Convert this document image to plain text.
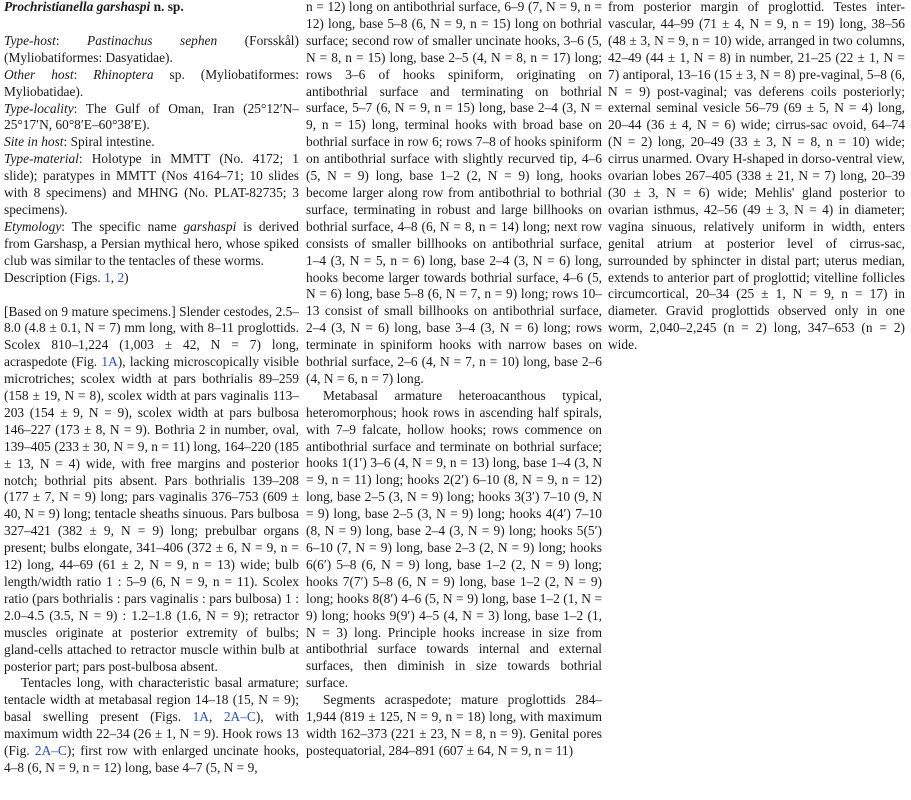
Prochristianella garshaspi n. sp.

Type-host: Pastinachus sephen (Forsskål) (Myliobatiformes: Dasyatidae).

Other host: Rhinoptera sp. (Myliobatiformes: Myliobatidae).

Type-locality: The Gulf of Oman, Iran (25°12′N–25°17′N, 60°8′E–60°38′E).

Site in host: Spiral intestine.

Type-material: Holotype in MMTT (No. 4172; 1 slide); paratypes in MMTT (Nos 4164–71; 10 slides with 8 specimens) and MHNG (No. PLAT-82735; 3 specimens).

Etymology: The specific name garshaspi is derived from Garshasp, a Persian mythical hero, whose spiked club was similar to the tentacles of these worms.

Description (Figs. 1, 2)

[Based on 9 mature specimens.] Slender cestodes, 2.5–8.0 (4.8 ± 0.1, N = 7) mm long, with 8–11 proglottids. Scolex 810–1,224 (1,003 ± 42, N = 7) long, acraspedote (Fig. 1A), lacking microscopically visible microtriches; scolex width at pars bothrialis 89–259 (158 ± 19, N = 8), scolex width at pars vaginalis 113–203 (154 ± 9, N = 9), scolex width at pars bulbosa 146–227 (173 ± 8, N = 9). Bothria 2 in number, oval, 139–405 (233 ± 30, N = 9, n = 11) long, 164–220 (185 ± 13, N = 4) wide, with free margins and posterior notch; bothrial pits absent. Pars bothrialis 139–208 (177 ± 7, N = 9) long; pars vaginalis 376–753 (609 ± 40, N = 9) long; tentacle sheaths sinuous. Pars bulbosa 327–421 (382 ± 9, N = 9) long; prebulbar organs present; bulbs elongate, 341–406 (372 ± 6, N = 9, n = 12) long, 44–69 (61 ± 2, N = 9, n = 13) wide; bulb length/width ratio 1 : 5–9 (6, N = 9, n = 11). Scolex ratio (pars bothrialis : pars vaginalis : pars bulbosa) 1 : 2.0–4.5 (3.5, N = 9) : 1.2–1.8 (1.6, N = 9); retractor muscles originate at posterior extremity of bulbs; gland-cells attached to retractor muscle within bulb at posterior part; pars post-bulbosa absent.

Tentacles long, with characteristic basal armature; tentacle width at metabasal region 14–18 (15, N = 9); basal swelling present (Figs. 1A, 2A–C), with maximum width 22–34 (26 ± 1, N = 9). Hook rows 13 (Fig. 2A–C); first row with enlarged uncinate hooks, 4–8 (6, N = 9, n = 12) long, base 4–7 (5, N = 9,

n = 12) long on antibothrial surface, 6–9 (7, N = 9, n = 12) long, base 5–8 (6, N = 9, n = 15) long on bothrial surface; second row of smaller uncinate hooks, 3–6 (5, N = 8, n = 15) long, base 2–5 (4, N = 8, n = 17) long; rows 3–6 of hooks spiniform, originating on antibothrial surface and terminating on bothrial surface, 5–7 (6, N = 9, n = 15) long, base 2–4 (3, N = 9, n = 15) long, terminal hooks with broad base on bothrial surface in row 6; rows 7–8 of hooks spiniform on antibothrial surface with slightly recurved tip, 4–6 (5, N = 9) long, base 1–2 (2, N = 9) long, hooks become larger along row from antibothrial to bothrial surface, terminating in robust and large billhooks on bothrial surface, 4–8 (6, N = 8, n = 14) long; next row consists of smaller billhooks on antibothrial surface, 1–4 (3, N = 5, n = 6) long, base 2–4 (3, N = 6) long, hooks become larger towards bothrial surface, 4–6 (5, N = 6) long, base 5–8 (6, N = 7, n = 9) long; rows 10–13 consist of small billhooks on antibothrial surface, 2–4 (3, N = 6) long, base 3–4 (3, N = 6) long; rows terminate in spiniform hooks with narrow bases on bothrial surface, 2–6 (4, N = 7, n = 10) long, base 2–6 (4, N = 6, n = 7) long.

Metabasal armature heteroacanthous typical, heteromorphous; hook rows in ascending half spirals, with 7–9 falcate, hollow hooks; rows commence on antibothrial surface and terminate on bothrial surface; hooks 1(1′) 3–6 (4, N = 9, n = 13) long, base 1–4 (3, N = 9, n = 11) long; hooks 2(2′) 6–10 (8, N = 9, n = 12) long, base 2–5 (3, N = 9) long; hooks 3(3′) 7–10 (9, N = 9) long, base 2–5 (3, N = 9) long; hooks 4(4′) 7–10 (8, N = 9) long, base 2–4 (3, N = 9) long; hooks 5(5′) 6–10 (7, N = 9) long, base 2–3 (2, N = 9) long; hooks 6(6′) 5–8 (6, N = 9) long, base 1–2 (2, N = 9) long; hooks 7(7′) 5–8 (6, N = 9) long, base 1–2 (2, N = 9) long; hooks 8(8′) 4–6 (5, N = 9) long, base 1–2 (1, N = 9) long; hooks 9(9′) 4–5 (4, N = 3) long, base 1–2 (1, N = 3) long. Principle hooks increase in size from antibothrial surface towards internal and external surfaces, then diminish in size towards bothrial surface.

Segments acraspedote; mature proglottids 284–1,944 (819 ± 125, N = 9, n = 18) long, with maximum width 162–373 (221 ± 23, N = 8, n = 9). Genital pores postequatorial, 284–891 (607 ± 64, N = 9, n = 11)

from posterior margin of proglottid. Testes inter-vascular, 44–99 (71 ± 4, N = 9, n = 19) long, 38–56 (48 ± 3, N = 9, n = 10) wide, arranged in two columns, 42–49 (44 ± 1, N = 8) in number, 21–25 (22 ± 1, N = 7) antiporal, 13–16 (15 ± 3, N = 8) pre-vaginal, 5–8 (6, N = 9) post-vaginal; vas deferens coils posteriorly; external seminal vesicle 56–79 (69 ± 5, N = 4) long, 20–44 (36 ± 4, N = 6) wide; cirrus-sac ovoid, 64–74 (N = 2) long, 20–49 (33 ± 3, N = 8, n = 10) wide; cirrus unarmed. Ovary H-shaped in dorso-ventral view, ovarian lobes 267–405 (338 ± 21, N = 7) long, 20–39 (30 ± 3, N = 6) wide; Mehlis' gland posterior to ovarian isthmus, 42–56 (49 ± 3, N = 4) in diameter; vagina sinuous, relatively uniform in width, enters genital atrium at posterior level of cirrus-sac, surrounded by sphincter in distal part; uterus median, extends to anterior part of proglottid; vitelline follicles circumcortical, 20–34 (25 ± 1, N = 9, n = 17) in diameter. Gravid proglottids observed only in one worm, 2,040–2,245 (n = 2) long, 347–653 (n = 2) wide.
